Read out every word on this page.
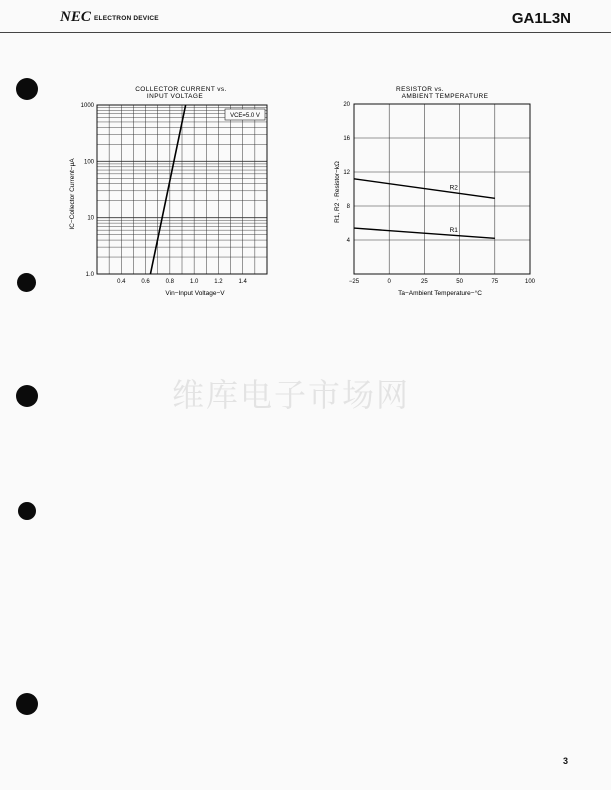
NEC ELECTRON DEVICE	GA1L3N
COLLECTOR CURRENT vs.
INPUT VOLTAGE
0.4	0.6	0.8	1.0	1.2	1.4
1.0
10
100
1000
VCE=5.0 V
Vin−Input Voltage−V
IC−Collector Current−μA
RESISTOR vs.
AMBIENT TEMPERATURE
R2
R1
−25	0	25	50	75	100
4
8
12
16
20
Ta−Ambient Temperature−°C
R1, R2 · Resistor−kΩ
维库电子市场网
3
